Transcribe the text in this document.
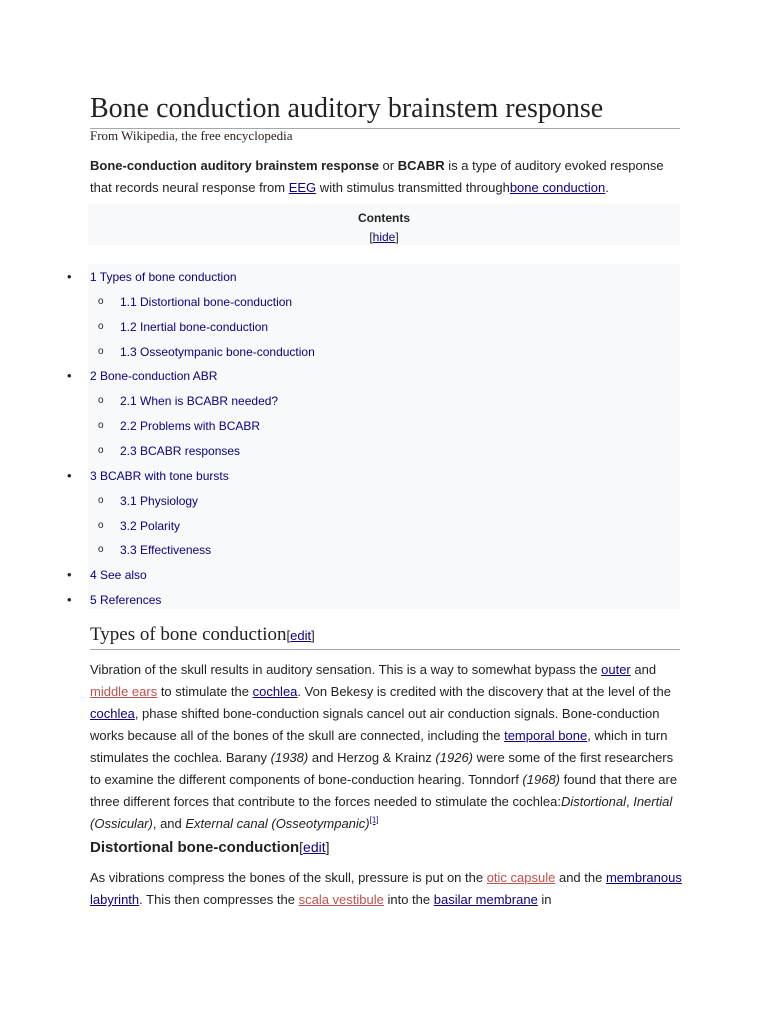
Bone conduction auditory brainstem response
From Wikipedia, the free encyclopedia

Bone-conduction auditory brainstem response or BCABR is a type of auditory evoked response that records neural response from EEG with stimulus transmitted throughbone conduction.

Contents
[hide]
• 1 Types of bone conduction
o 1.1 Distortional bone-conduction
o 1.2 Inertial bone-conduction
o 1.3 Osseotympanic bone-conduction
• 2 Bone-conduction ABR
o 2.1 When is BCABR needed?
o 2.2 Problems with BCABR
o 2.3 BCABR responses
• 3 BCABR with tone bursts
o 3.1 Physiology
o 3.2 Polarity
o 3.3 Effectiveness
• 4 See also
• 5 References
Types of bone conduction[edit]

Vibration of the skull results in auditory sensation. This is a way to somewhat bypass the outer and middle ears to stimulate the cochlea. Von Bekesy is credited with the discovery that at the level of the cochlea, phase shifted bone-conduction signals cancel out air conduction signals. Bone-conduction works because all of the bones of the skull are connected, including the temporal bone, which in turn stimulates the cochlea. Barany (1938) and Herzog & Krainz (1926) were some of the first researchers to examine the different components of bone-conduction hearing. Tonndorf (1968) found that there are three different forces that contribute to the forces needed to stimulate the cochlea:Distortional, Inertial (Ossicular), and External canal (Osseotympanic)[1]

Distortional bone-conduction[edit]

As vibrations compress the bones of the skull, pressure is put on the otic capsule and the membranous labyrinth. This then compresses the scala vestibule into the basilar membrane in
